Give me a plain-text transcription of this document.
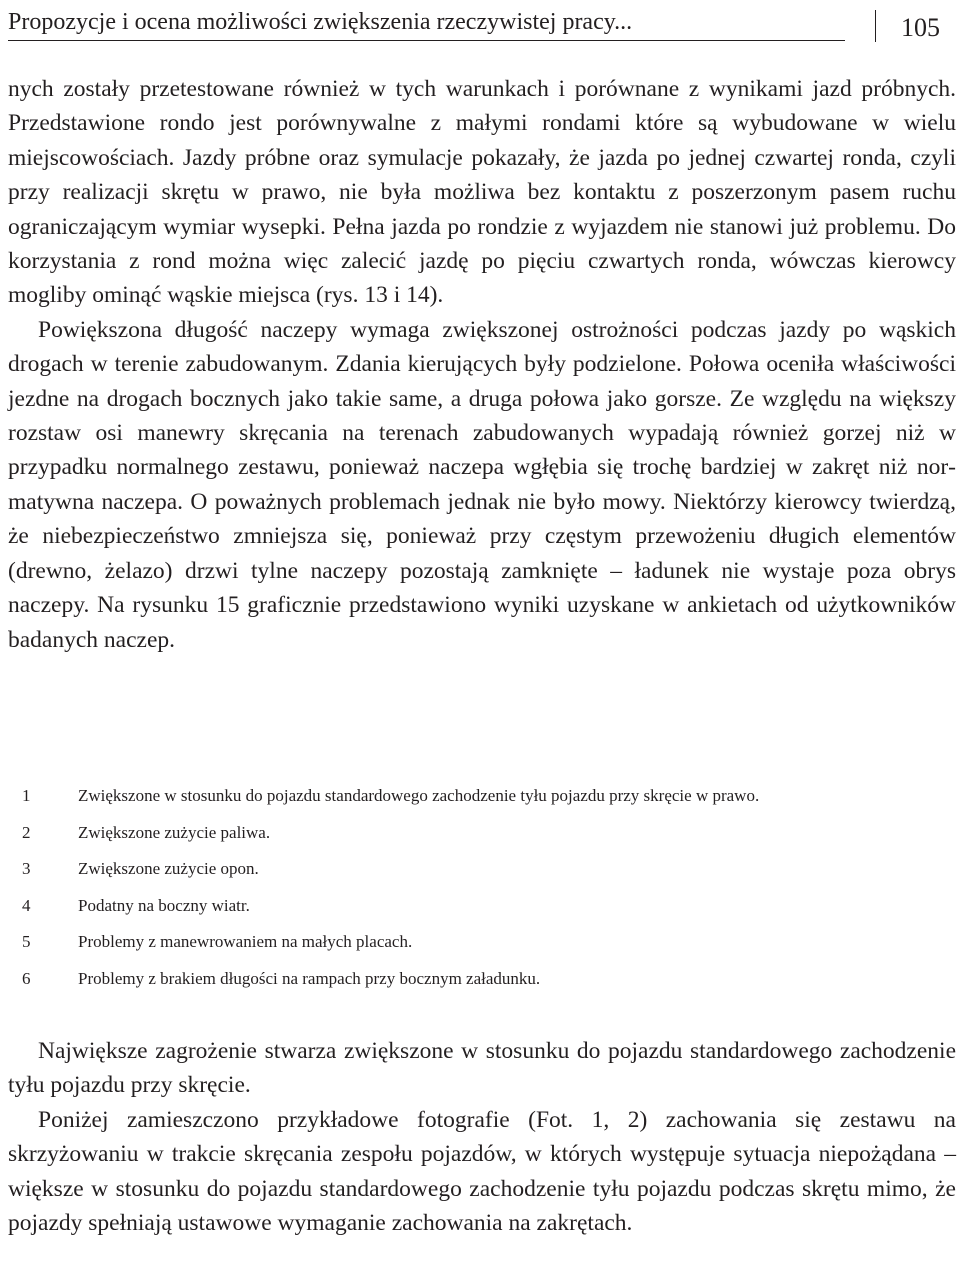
Propozycje i ocena możliwości zwiększenia rzeczywistej pracy...	105

nych zostały przetestowane również w tych warunkach i porównane z wynikami jazd próbnych. Przedstawione rondo jest porównywalne z małymi rondami które są wybudowane w wielu miejscowościach. Jazdy próbne oraz symulacje pokazały, że jazda po jednej czwartej ronda, czyli przy realizacji skrętu w prawo, nie była możliwa bez kontaktu z poszerzonym pasem ruchu ograniczającym wymiar wysepki. Pełna jazda po rondzie z wyjazdem nie stanowi już problemu. Do korzystania z rond można więc zalecić jazdę po pięciu czwartych ronda, wówczas kierowcy mogliby ominąć wąskie miejsca (rys. 13 i 14).

Powiększona długość naczepy wymaga zwiększonej ostrożności podczas jazdy po wąskich drogach w terenie zabudowanym. Zdania kierujących były podzielone. Połowa oceniła właściwości jezdne na drogach bocznych jako takie same, a druga połowa jako gorsze. Ze względu na większy rozstaw osi manewry skręcania na terenach zabudowanych wypadają również gorzej niż w przypadku normalnego zestawu, ponieważ naczepa wgłębia się trochę bardziej w zakręt niż normatywna naczepa. O poważnych problemach jednak nie było mowy. Niektórzy kierowcy twierdzą, że niebezpieczeństwo zmniejsza się, ponieważ przy częstym przewożeniu długich elementów (drewno, żelazo) drzwi tylne naczepy pozostają zamknięte – ładunek nie wystaje poza obrys naczepy. Na rysunku 15 graficznie przedstawiono wyniki uzyskane w ankietach od użytkowników badanych naczep.

1	Zwiększone w stosunku do pojazdu standardowego zachodzenie tyłu pojazdu przy skręcie w prawo.
2	Zwiększone zużycie paliwa.
3	Zwiększone zużycie opon.
4	Podatny na boczny wiatr.
5	Problemy z manewrowaniem na małych placach.
6	Problemy z brakiem długości na rampach przy bocznym załadunku.

Największe zagrożenie stwarza zwiększone w stosunku do pojazdu standardowego zachodzenie tyłu pojazdu przy skręcie.

Poniżej zamieszczono przykładowe fotografie (Fot. 1, 2) zachowania się zestawu na skrzyżowaniu w trakcie skręcania zespołu pojazdów, w których występuje sytuacja niepożądana – większe w stosunku do pojazdu standardowego zachodzenie tyłu pojazdu podczas skrętu mimo, że pojazdy spełniają ustawowe wymaganie zachowania na zakrętach.
